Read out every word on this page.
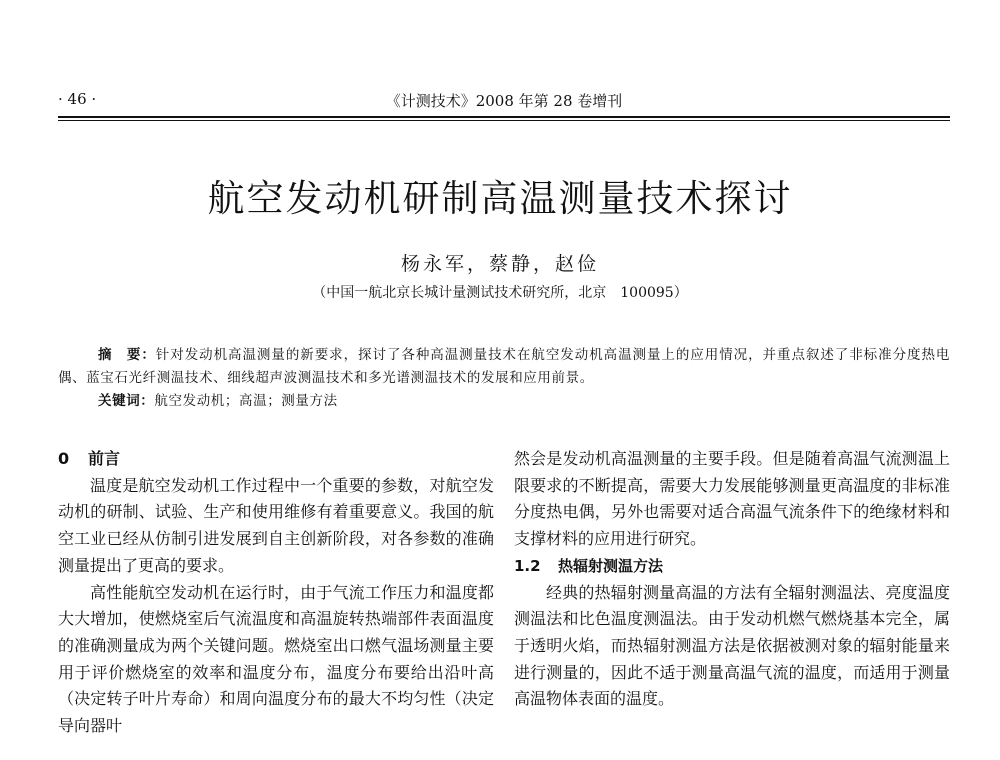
· 46 ·	《计测技术》2008 年第 28 卷增刊
航空发动机研制高温测量技术探讨
杨永军，蔡静，赵俭
（中国一航北京长城计量测试技术研究所，北京　100095）

摘　要：针对发动机高温测量的新要求，探讨了各种高温测量技术在航空发动机高温测量上的应用情况，并重点叙述了非标准分度热电偶、蓝宝石光纤测温技术、细线超声波测温技术和多光谱测温技术的发展和应用前景。

关键词：航空发动机；高温；测量方法

0 前言

温度是航空发动机工作过程中一个重要的参数，对航空发动机的研制、试验、生产和使用维修有着重要意义。我国的航空工业已经从仿制引进发展到自主创新阶段，对各参数的准确测量提出了更高的要求。

高性能航空发动机在运行时，由于气流工作压力和温度都大大增加，使燃烧室后气流温度和高温旋转热端部件表面温度的准确测量成为两个关键问题。燃烧室出口燃气温场测量主要用于评价燃烧室的效率和温度分布，温度分布要给出沿叶高（决定转子叶片寿命）和周向温度分布的最大不均匀性（决定导向器叶

然会是发动机高温测量的主要手段。但是随着高温气流测温上限要求的不断提高，需要大力发展能够测量更高温度的非标准分度热电偶，另外也需要对适合高温气流条件下的绝缘材料和支撑材料的应用进行研究。

1.2 热辐射测温方法

经典的热辐射测量高温的方法有全辐射测温法、亮度温度测温法和比色温度测温法。由于发动机燃气燃烧基本完全，属于透明火焰，而热辐射测温方法是依据被测对象的辐射能量来进行测量的，因此不适于测量高温气流的温度，而适用于测量高温物体表面的温度。
